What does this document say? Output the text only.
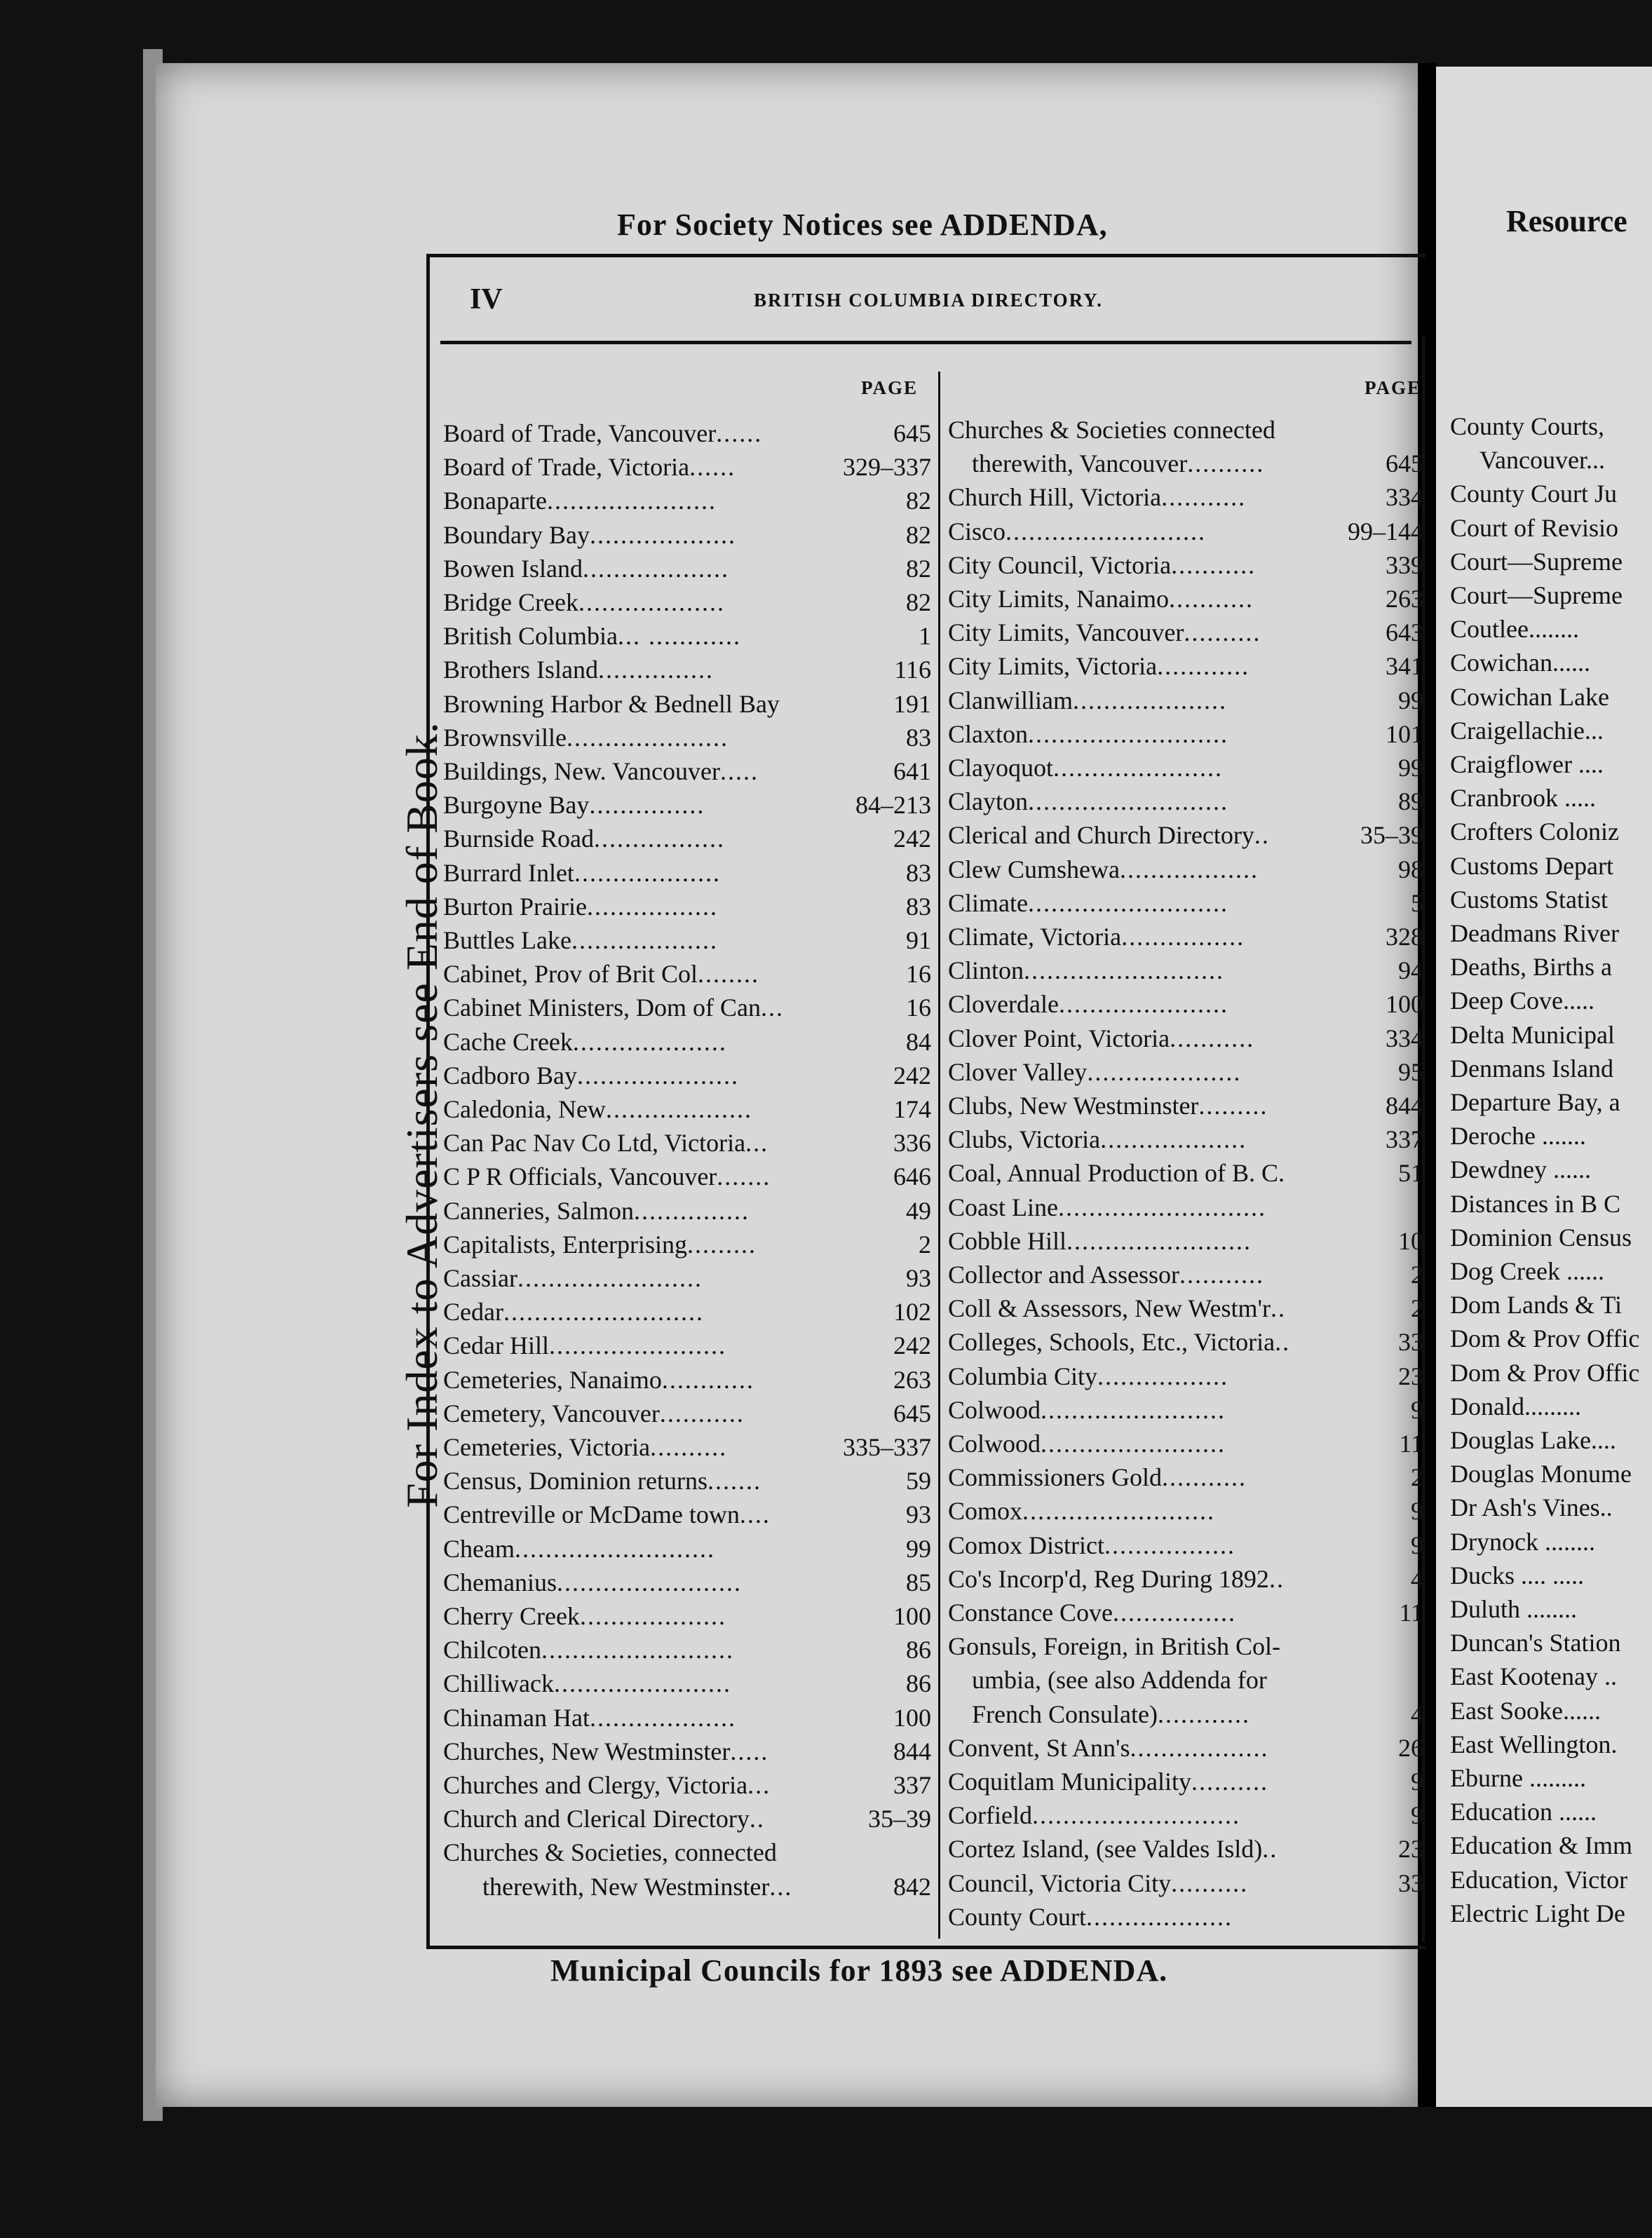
For Society Notices see ADDENDA,	Resource
IV	BRITISH COLUMBIA DIRECTORY.
PAGE	PAGE
For Index to Advertisers see End of Book.
Board of Trade, Vancouver......	645
Board of Trade, Victoria......	329–337
Bonaparte......................	82
Boundary Bay...................	82
Bowen Island...................	82
Bridge Creek...................	82
British Columbia... ............	1
Brothers Island...............	116
Browning Harbor & Bednell Bay	191
Brownsville.....................	83
Buildings, New. Vancouver.....	641
Burgoyne Bay...............	84–213
Burnside Road.................	242
Burrard Inlet...................	83
Burton Prairie.................	83
Buttles Lake...................	91
Cabinet, Prov of Brit Col........	16
Cabinet Ministers, Dom of Can...	16
Cache Creek....................	84
Cadboro Bay.....................	242
Caledonia, New...................	174
Can Pac Nav Co Ltd, Victoria...	336
C P R Officials, Vancouver.......	646
Canneries, Salmon...............	49
Capitalists, Enterprising.........	2
Cassiar........................	93
Cedar..........................	102
Cedar Hill.......................	242
Cemeteries, Nanaimo............	263
Cemetery, Vancouver...........	645
Cemeteries, Victoria..........	335–337
Census, Dominion returns.......	59
Centreville or McDame town....	93
Cheam..........................	99
Chemanius........................	85
Cherry Creek...................	100
Chilcoten.........................	86
Chilliwack.......................	86
Chinaman Hat...................	100
Churches, New Westminster.....	844
Churches and Clergy, Victoria...	337
Church and Clerical Directory..	35–39
Churches & Societies, connected
therewith, New Westminster...	842
Churches & Societies connected
therewith, Vancouver..........	645
Church Hill, Victoria...........	334
Cisco..........................	99–144
City Council, Victoria...........	339
City Limits, Nanaimo...........	263
City Limits, Vancouver..........	643
City Limits, Victoria............	341
Clanwilliam....................	99
Claxton..........................	101
Clayoquot......................	99
Clayton..........................	89
Clerical and Church Directory..	35–39
Clew Cumshewa..................	98
Climate..........................	5
Climate, Victoria................	328
Clinton..........................	94
Cloverdale......................	100
Clover Point, Victoria...........	334
Clover Valley....................	95
Clubs, New Westminster.........	844
Clubs, Victoria...................	337
Coal, Annual Production of B. C.	51
Coast Line...........................
Cobble Hill........................	10
Collector and Assessor...........	2
Coll & Assessors, New Westm'r..	2
Colleges, Schools, Etc., Victoria..	33
Columbia City.................	23
Colwood........................	9
Colwood........................	11
Commissioners Gold...........	2
Comox.........................	9
Comox District.................	9
Co's Incorp'd, Reg During 1892..	4
Constance Cove................	11
Gonsuls, Foreign, in British Col-
umbia, (see also Addenda for
French Consulate)............	4
Convent, St Ann's..................	26
Coquitlam Municipality..........	9
Corfield...........................	9
Cortez Island, (see Valdes Isld)..	23
Council, Victoria City..........	33
County Court...................
County Courts,
Vancouver...
County Court Ju
Court of Revisio
Court—Supreme
Court—Supreme
Coutlee........
Cowichan......
Cowichan Lake
Craigellachie...
Craigflower ....
Cranbrook .....
Crofters Coloniz
Customs Depart
Customs Statist
Deadmans River
Deaths, Births a
Deep Cove.....
Delta Municipal
Denmans Island
Departure Bay, a
Deroche .......
Dewdney ......
Distances in B C
Dominion Census
Dog Creek ......
Dom Lands & Ti
Dom & Prov Offic
Dom & Prov Offic
Donald.........
Douglas Lake....
Douglas Monume
Dr Ash's Vines..
Drynock ........
Ducks .... .....
Duluth ........
Duncan's Station
East Kootenay ..
East Sooke......
East Wellington.
Eburne .........
Education ......
Education & Imm
Education, Victor
Electric Light De
Municipal Councils for 1893 see ADDENDA.
